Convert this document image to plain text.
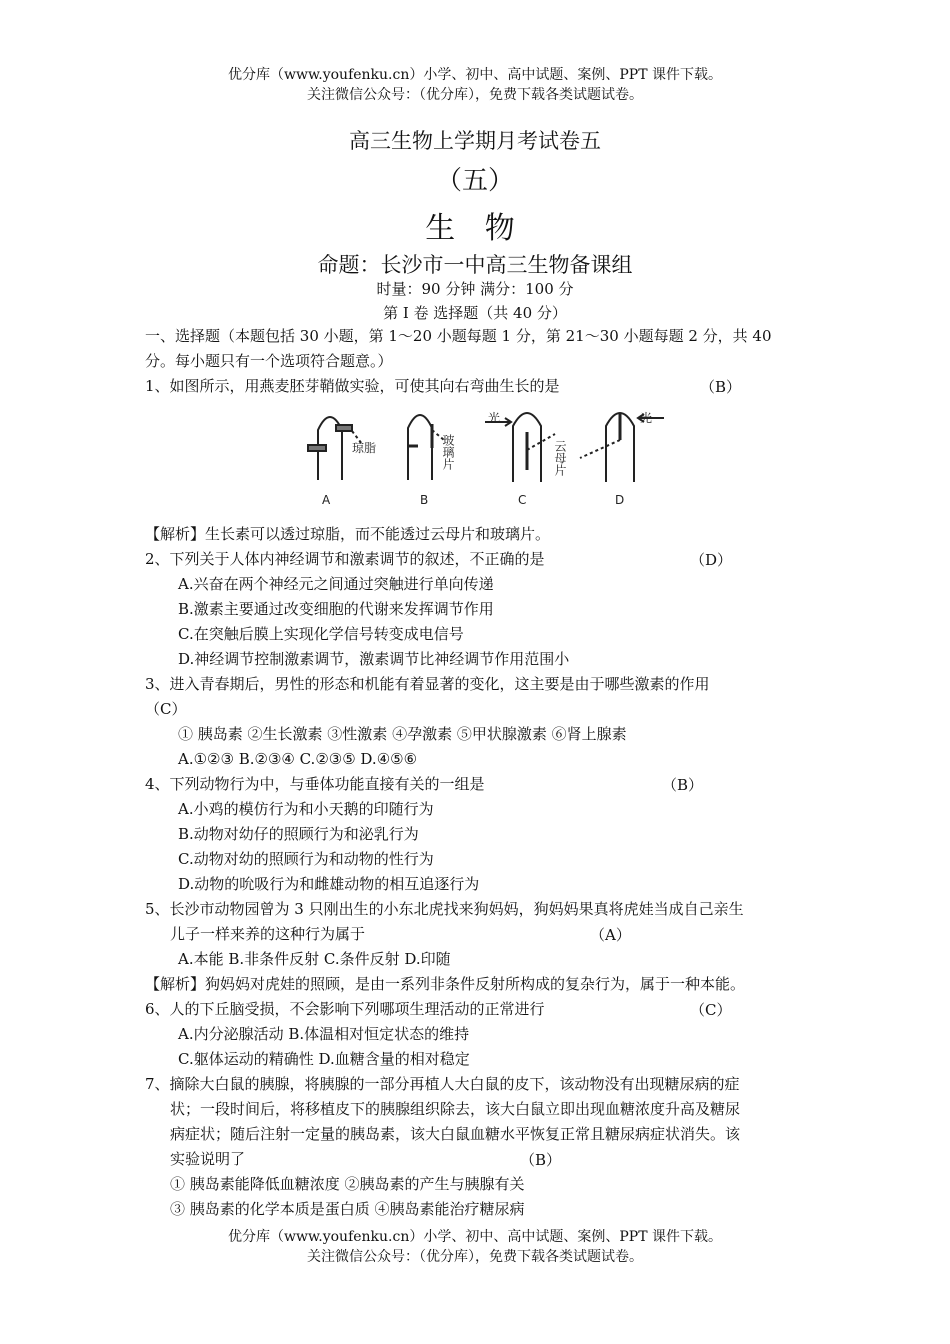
优分库（www.youfenku.cn）小学、初中、高中试题、案例、PPT 课件下载。
关注微信公众号：（优分库），免费下载各类试题试卷。
高三生物上学期月考试卷五
（五）
生 物
命题：长沙市一中高三生物备课组
时量：90 分钟 满分：100 分
第 I 卷 选择题（共 40 分）
一、选择题（本题包括 30 小题，第 1～20 小题每题 1 分，第 21～30 小题每题 2 分，共 40
分。每小题只有一个选项符合题意。）
1、如图所示，用燕麦胚芽鞘做实验，可使其向右弯曲生长的是	（B）
琼脂	玻璃片	云母片
光	光
A	B	C	D
【解析】生长素可以透过琼脂，而不能透过云母片和玻璃片。
2、下列关于人体内神经调节和激素调节的叙述，不正确的是	（D）
A.兴奋在两个神经元之间通过突触进行单向传递
B.激素主要通过改变细胞的代谢来发挥调节作用
C.在突触后膜上实现化学信号转变成电信号
D.神经调节控制激素调节，激素调节比神经调节作用范围小
3、进入青春期后，男性的形态和机能有着显著的变化，这主要是由于哪些激素的作用
（C）
① 胰岛素 ②生长激素 ③性激素 ④孕激素 ⑤甲状腺激素 ⑥肾上腺素
A.①②③ B.②③④ C.②③⑤ D.④⑤⑥
4、下列动物行为中，与垂体功能直接有关的一组是	（B）
A.小鸡的模仿行为和小天鹅的印随行为
B.动物对幼仔的照顾行为和泌乳行为
C.动物对幼的照顾行为和动物的性行为
D.动物的吮吸行为和雌雄动物的相互追逐行为
5、长沙市动物园曾为 3 只刚出生的小东北虎找来狗妈妈，狗妈妈果真将虎娃当成自己亲生
儿子一样来养的这种行为属于	（A）
A.本能 B.非条件反射 C.条件反射 D.印随
【解析】狗妈妈对虎娃的照顾，是由一系列非条件反射所构成的复杂行为，属于一种本能。
6、人的下丘脑受损，不会影响下列哪项生理活动的正常进行	（C）
A.内分泌腺活动 B.体温相对恒定状态的维持
C.躯体运动的精确性 D.血糖含量的相对稳定
7、摘除大白鼠的胰腺，将胰腺的一部分再植人大白鼠的皮下，该动物没有出现糖尿病的症
状；一段时间后，将移植皮下的胰腺组织除去，该大白鼠立即出现血糖浓度升高及糖尿
病症状；随后注射一定量的胰岛素，该大白鼠血糖水平恢复正常且糖尿病症状消失。该
实验说明了	（B）
① 胰岛素能降低血糖浓度 ②胰岛素的产生与胰腺有关
③ 胰岛素的化学本质是蛋白质 ④胰岛素能治疗糖尿病
优分库（www.youfenku.cn）小学、初中、高中试题、案例、PPT 课件下载。
关注微信公众号：（优分库），免费下载各类试题试卷。
